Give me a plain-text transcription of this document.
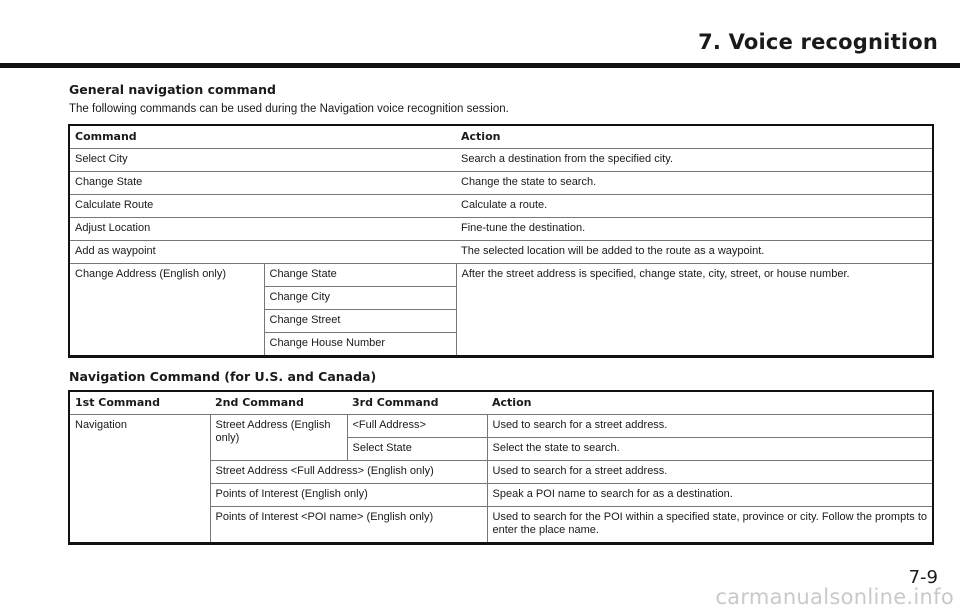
7. Voice recognition
General navigation command
The following commands can be used during the Navigation voice recognition session.
Command		Action
Select City		Search a destination from the specified city.
Change State		Change the state to search.
Calculate Route		Calculate a route.
Adjust Location		Fine-tune the destination.
Add as waypoint		The selected location will be added to the route as a waypoint.
Change Address (English only)	Change State	After the street address is specified, change state, city, street, or house number.
	Change City	
	Change Street	
	Change House Number	
Navigation Command (for U.S. and Canada)
1st Command	2nd Command	3rd Command	Action
Navigation	Street Address (English only)	<Full Address>	Used to search for a street address.
		Select State	Select the state to search.
	Street Address <Full Address> (English only)		Used to search for a street address.
	Points of Interest (English only)		Speak a POI name to search for as a destination.
	Points of Interest <POI name> (English only)		Used to search for the POI within a specified state, province or city. Follow the prompts to enter the place name.
7-9
carmanualsonline.info
